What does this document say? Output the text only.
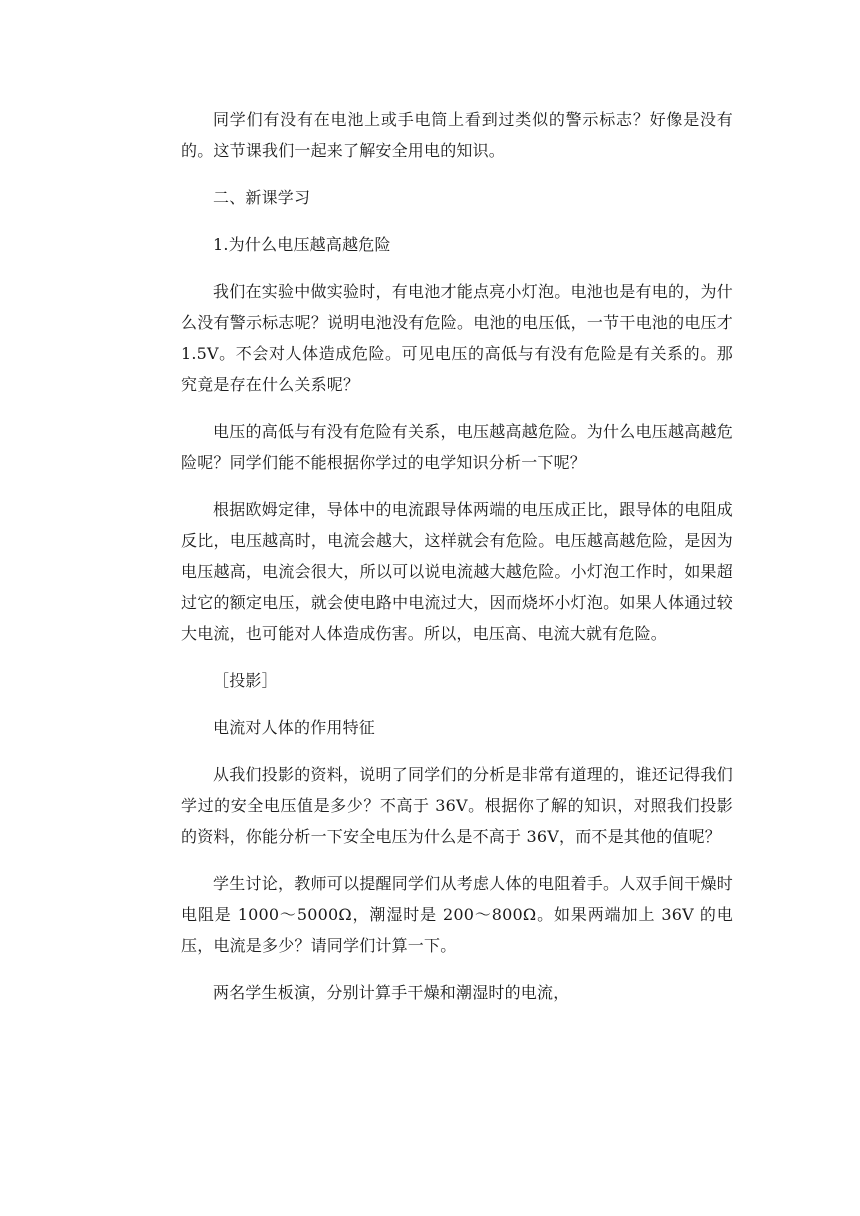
同学们有没有在电池上或手电筒上看到过类似的警示标志？好像是没有的。这节课我们一起来了解安全用电的知识。

二、新课学习

1.为什么电压越高越危险

我们在实验中做实验时，有电池才能点亮小灯泡。电池也是有电的，为什么没有警示标志呢？说明电池没有危险。电池的电压低，一节干电池的电压才 1.5V。不会对人体造成危险。可见电压的高低与有没有危险是有关系的。那究竟是存在什么关系呢？

电压的高低与有没有危险有关系，电压越高越危险。为什么电压越高越危险呢？同学们能不能根据你学过的电学知识分析一下呢？

根据欧姆定律，导体中的电流跟导体两端的电压成正比，跟导体的电阻成反比，电压越高时，电流会越大，这样就会有危险。电压越高越危险，是因为电压越高，电流会很大，所以可以说电流越大越危险。小灯泡工作时，如果超过它的额定电压，就会使电路中电流过大，因而烧坏小灯泡。如果人体通过较大电流，也可能对人体造成伤害。所以，电压高、电流大就有危险。

［投影］

电流对人体的作用特征

从我们投影的资料，说明了同学们的分析是非常有道理的，谁还记得我们学过的安全电压值是多少？不高于 36V。根据你了解的知识，对照我们投影的资料，你能分析一下安全电压为什么是不高于 36V，而不是其他的值呢？

学生讨论，教师可以提醒同学们从考虑人体的电阻着手。人双手间干燥时电阻是 1000～5000Ω，潮湿时是 200～800Ω。如果两端加上 36V 的电压，电流是多少？请同学们计算一下。

两名学生板演，分别计算手干燥和潮湿时的电流，
